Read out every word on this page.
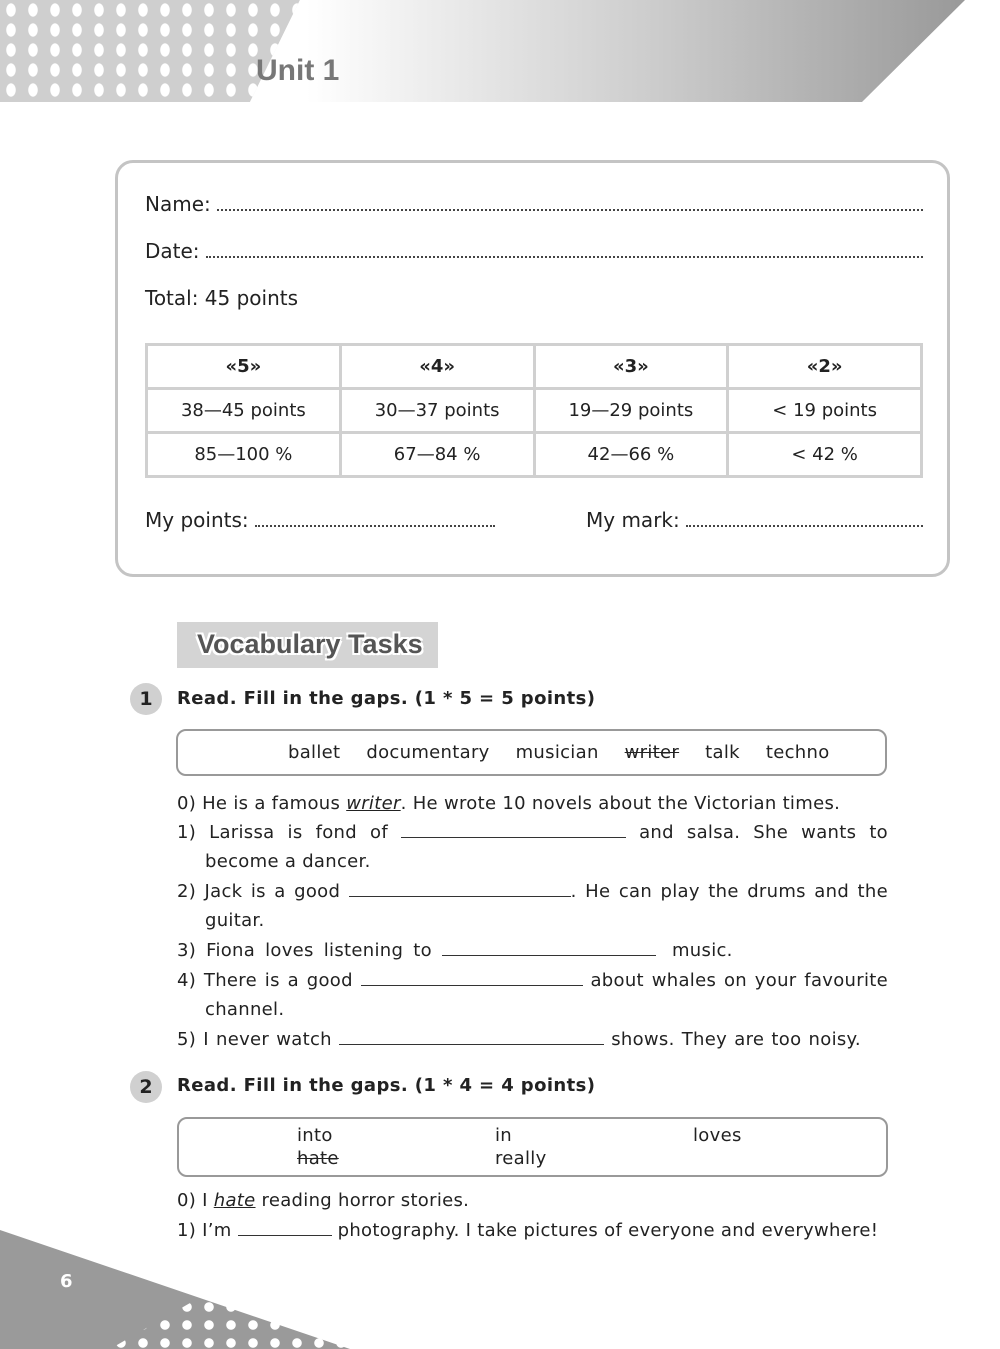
Unit 1
Name:
Date:
Total: 45 points
«5»	«4»	«3»	«2»
38—45 points	30—37 points	19—29 points	< 19 points
85—100 %	67—84 %	42—66 %	< 42 %
My points:	My mark:
Vocabulary Tasks
1	Read. Fill in the gaps. (1 * 5 = 5 points)
ballet documentary musician writer talk techno
0) He is a famous writer. He wrote 10 novels about the Victorian times.
1) Larissa is fond of	and salsa. She wants to
become a dancer.
2) Jack is a good	. He can play the drums and the
guitar.
3) Fiona loves listening to	music.
4) There is a good	about whales on your favourite
channel.
5) I never watch	shows. They are too noisy.
2	Read. Fill in the gaps. (1 * 4 = 4 points)
into	in	loves
hate	really
0) I hate reading horror stories.
1) I’m	photography. I take pictures of everyone and everywhere!
6
